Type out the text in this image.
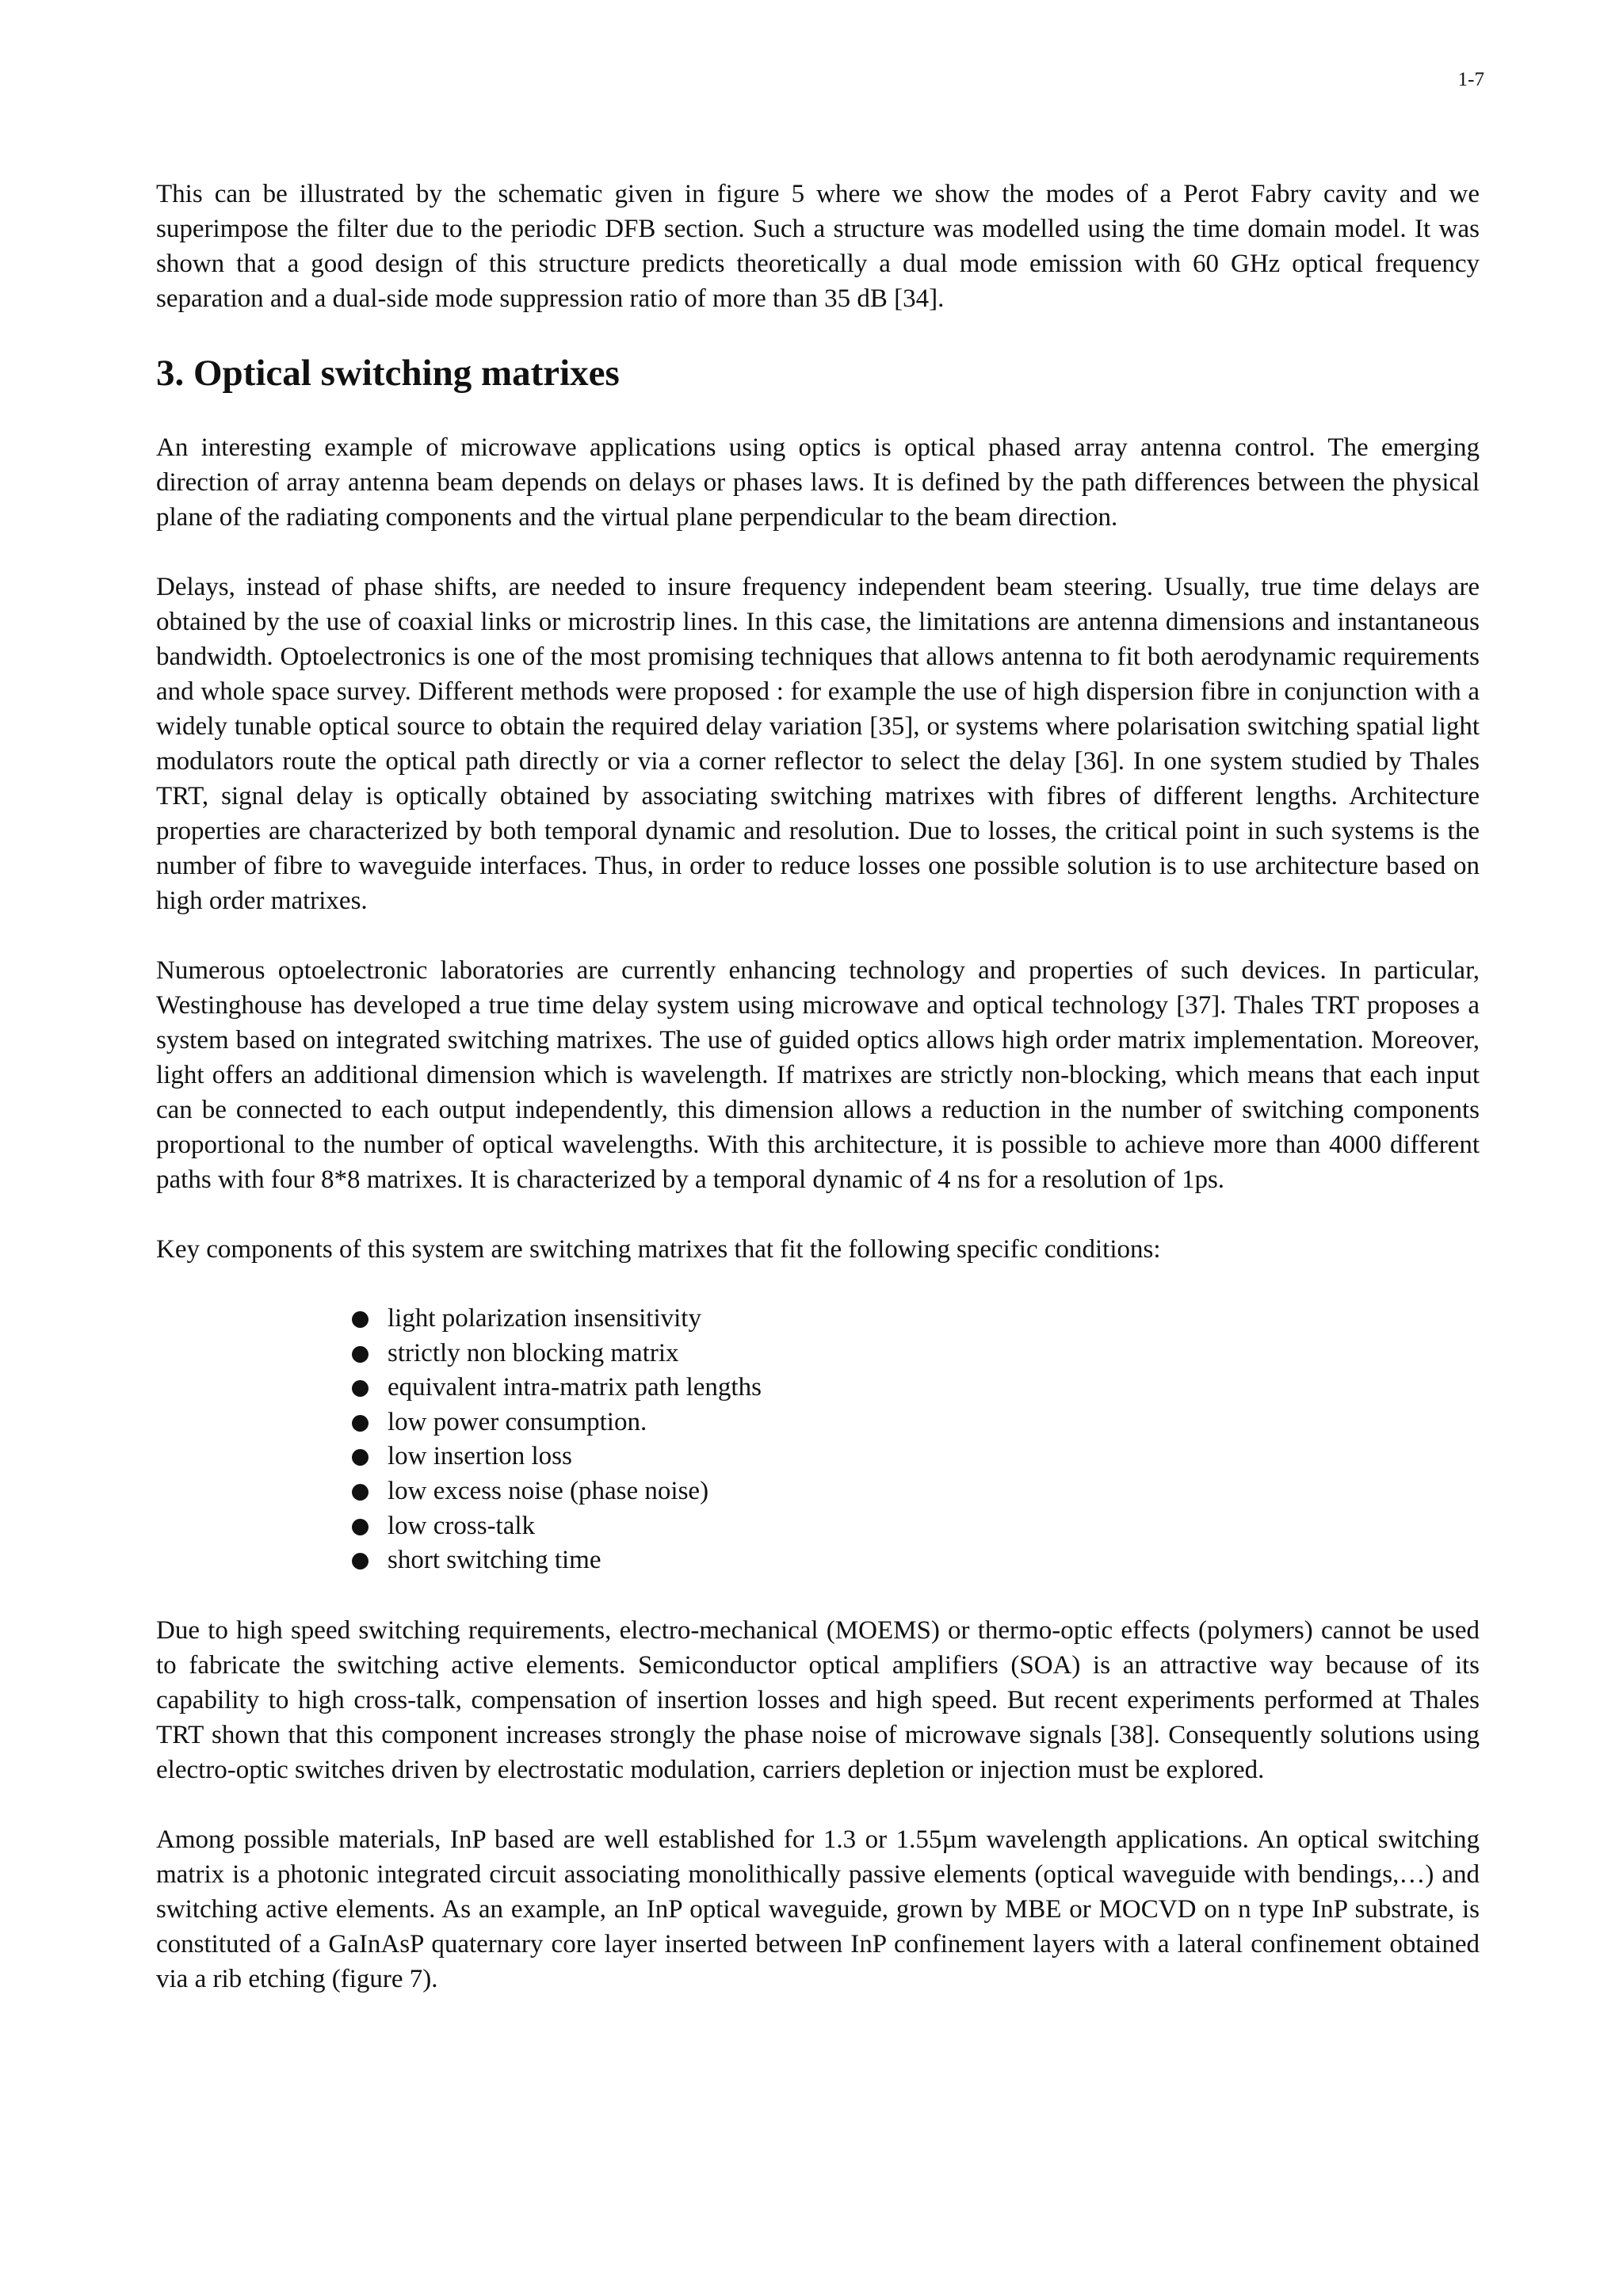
1-7

This can be illustrated by the schematic given in figure 5 where we show the modes of a Perot Fabry cavity and we superimpose the filter due to the periodic DFB section. Such a structure was modelled using the time domain model. It was shown that a good design of this structure predicts theoretically a dual mode emission with 60 GHz optical frequency separation and a dual-side mode suppression ratio of more than 35 dB [34].

3. Optical switching matrixes

An interesting example of microwave applications using optics is optical phased array antenna control. The emerging direction of array antenna beam depends on delays or phases laws. It is defined by the path differences between the physical plane of the radiating components and the virtual plane perpendicular to the beam direction.

Delays, instead of phase shifts, are needed to insure frequency independent beam steering. Usually, true time delays are obtained by the use of coaxial links or microstrip lines. In this case, the limitations are antenna dimensions and instantaneous bandwidth. Optoelectronics is one of the most promising techniques that allows antenna to fit both aerodynamic requirements and whole space survey. Different methods were proposed : for example the use of high dispersion fibre in conjunction with a widely tunable optical source to obtain the required delay variation [35], or systems where polarisation switching spatial light modulators route the optical path directly or via a corner reflector to select the delay [36]. In one system studied by Thales TRT, signal delay is optically obtained by associating switching matrixes with fibres of different lengths. Architecture properties are characterized by both temporal dynamic and resolution. Due to losses, the critical point in such systems is the number of fibre to waveguide interfaces. Thus, in order to reduce losses one possible solution is to use architecture based on high order matrixes.

Numerous optoelectronic laboratories are currently enhancing technology and properties of such devices. In particular, Westinghouse has developed a true time delay system using microwave and optical technology [37]. Thales TRT proposes a system based on integrated switching matrixes. The use of guided optics allows high order matrix implementation. Moreover, light offers an additional dimension which is wavelength. If matrixes are strictly non-blocking, which means that each input can be connected to each output independently, this dimension allows a reduction in the number of switching components proportional to the number of optical wavelengths. With this architecture, it is possible to achieve more than 4000 different paths with four 8*8 matrixes. It is characterized by a temporal dynamic of 4 ns for a resolution of 1ps.

Key components of this system are switching matrixes that fit the following specific conditions:

light polarization insensitivity
strictly non blocking matrix
equivalent intra-matrix path lengths
low power consumption.
low insertion loss
low excess noise (phase noise)
low cross-talk
short switching time

Due to high speed switching requirements, electro-mechanical (MOEMS) or thermo-optic effects (polymers) cannot be used to fabricate the switching active elements. Semiconductor optical amplifiers (SOA) is an attractive way because of its capability to high cross-talk, compensation of insertion losses and high speed. But recent experiments performed at Thales TRT shown that this component increases strongly the phase noise of microwave signals [38]. Consequently solutions using electro-optic switches driven by electrostatic modulation, carriers depletion or injection must be explored.

Among possible materials, InP based are well established for 1.3 or 1.55µm wavelength applications. An optical switching matrix is a photonic integrated circuit associating monolithically passive elements (optical waveguide with bendings,…) and switching active elements. As an example, an InP optical waveguide, grown by MBE or MOCVD on n type InP substrate, is constituted of a GaInAsP quaternary core layer inserted between InP confinement layers with a lateral confinement obtained via a rib etching (figure 7).
